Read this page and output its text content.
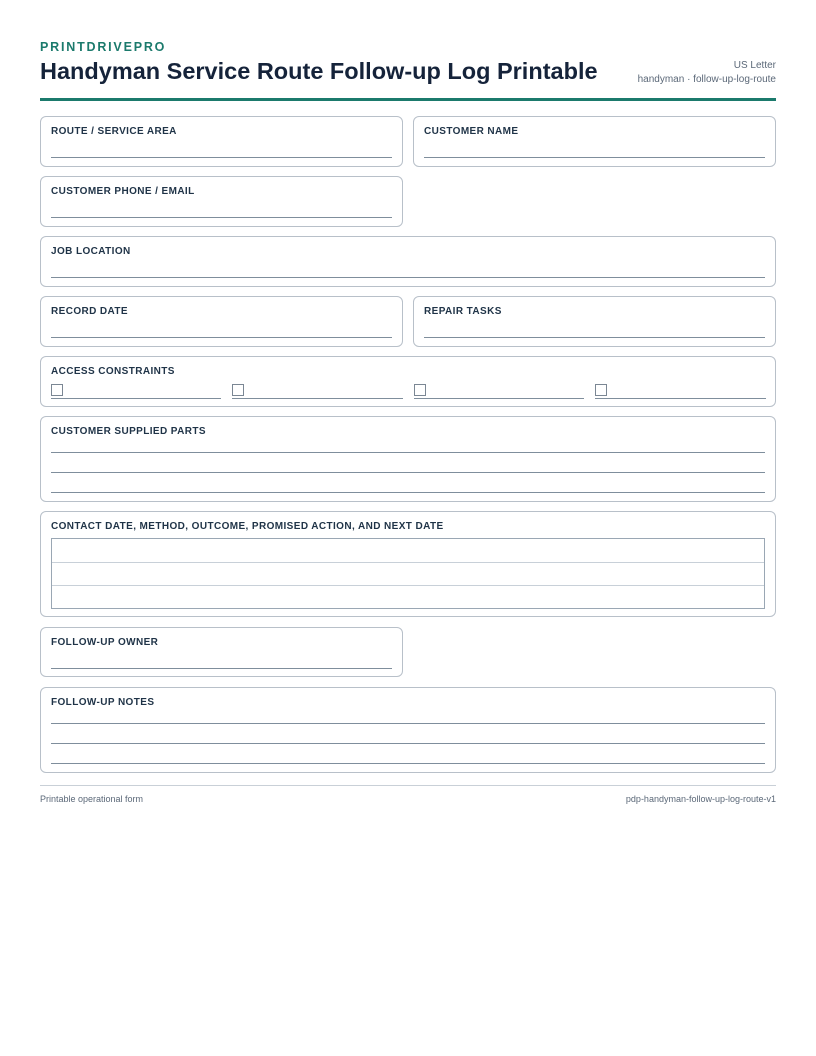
PRINTDRIVEPRO
Handyman Service Route Follow-up Log Printable	US Letter
handyman · follow-up-log-route
ROUTE / SERVICE AREA	CUSTOMER NAME
CUSTOMER PHONE / EMAIL
JOB LOCATION
RECORD DATE	REPAIR TASKS
ACCESS CONSTRAINTS
CUSTOMER SUPPLIED PARTS
CONTACT DATE, METHOD, OUTCOME, PROMISED ACTION, AND NEXT DATE
FOLLOW-UP OWNER
FOLLOW-UP NOTES
Printable operational form	pdp-handyman-follow-up-log-route-v1
